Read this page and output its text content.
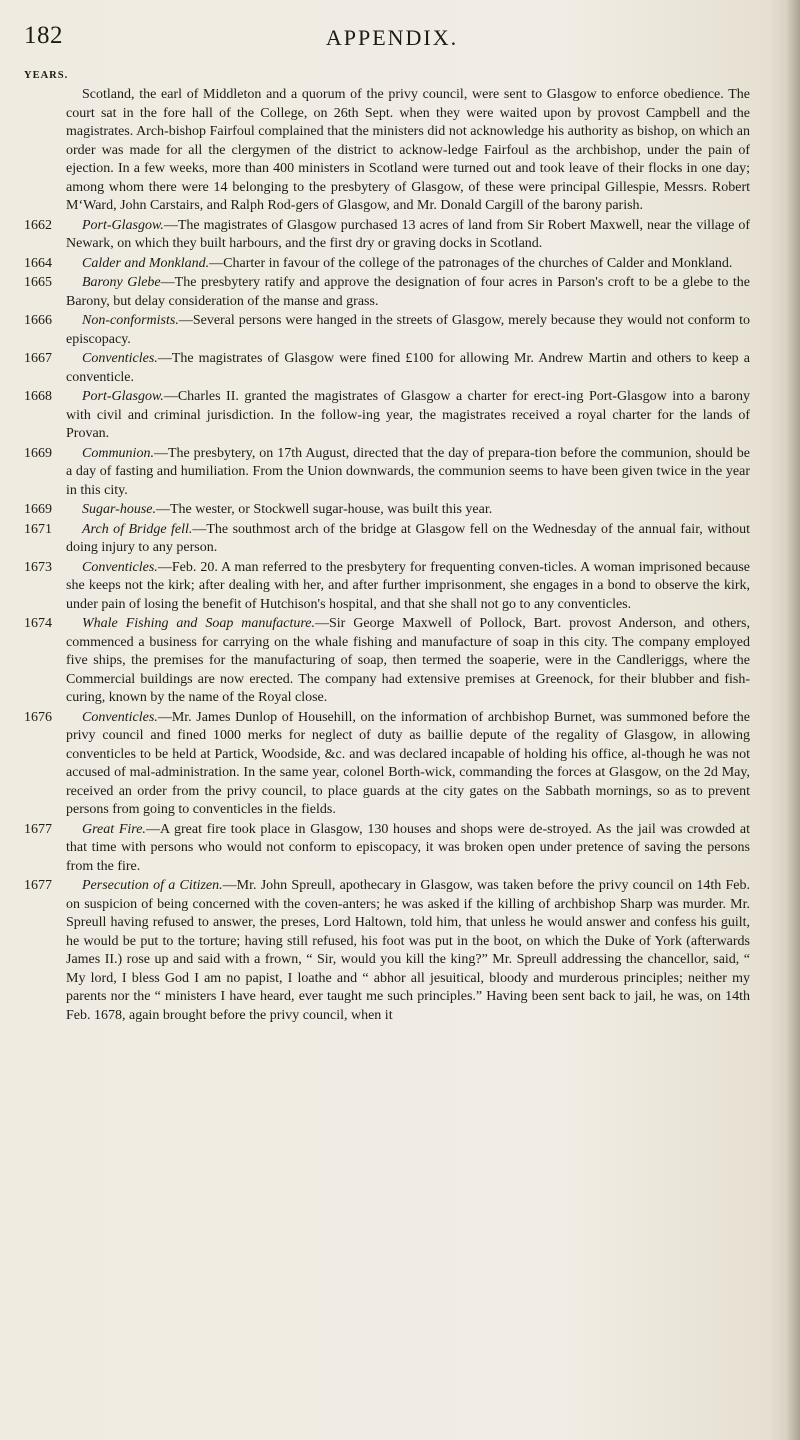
182	APPENDIX.
YEARS.

Scotland, the earl of Middleton and a quorum of the privy council, were sent to Glasgow to enforce obedience. The court sat in the fore hall of the College, on 26th Sept. when they were waited upon by provost Campbell and the magistrates. Arch-bishop Fairfoul complained that the ministers did not acknowledge his authority as bishop, on which an order was made for all the clergymen of the district to acknow-ledge Fairfoul as the archbishop, under the pain of ejection. In a few weeks, more than 400 ministers in Scotland were turned out and took leave of their flocks in one day; among whom there were 14 belonging to the presbytery of Glasgow, of these were principal Gillespie, Messrs. Robert M‘Ward, John Carstairs, and Ralph Rod-gers of Glasgow, and Mr. Donald Cargill of the barony parish.

1662	Port-Glasgow.—The magistrates of Glasgow purchased 13 acres of land from Sir Robert Maxwell, near the village of Newark, on which they built harbours, and the first dry or graving docks in Scotland.

1664	Calder and Monkland.—Charter in favour of the college of the patronages of the churches of Calder and Monkland.

1665	Barony Glebe—The presbytery ratify and approve the designation of four acres in Parson's croft to be a glebe to the Barony, but delay consideration of the manse and grass.

1666	Non-conformists.—Several persons were hanged in the streets of Glasgow, merely because they would not conform to episcopacy.

1667	Conventicles.—The magistrates of Glasgow were fined £100 for allowing Mr. Andrew Martin and others to keep a conventicle.

1668	Port-Glasgow.—Charles II. granted the magistrates of Glasgow a charter for erect-ing Port-Glasgow into a barony with civil and criminal jurisdiction. In the follow-ing year, the magistrates received a royal charter for the lands of Provan.

1669	Communion.—The presbytery, on 17th August, directed that the day of prepara-tion before the communion, should be a day of fasting and humiliation. From the Union downwards, the communion seems to have been given twice in the year in this city.

1669	Sugar-house.—The wester, or Stockwell sugar-house, was built this year.

1671	Arch of Bridge fell.—The southmost arch of the bridge at Glasgow fell on the Wednesday of the annual fair, without doing injury to any person.

1673	Conventicles.—Feb. 20. A man referred to the presbytery for frequenting conven-ticles. A woman imprisoned because she keeps not the kirk; after dealing with her, and after further imprisonment, she engages in a bond to observe the kirk, under pain of losing the benefit of Hutchison's hospital, and that she shall not go to any conventicles.

1674	Whale Fishing and Soap manufacture.—Sir George Maxwell of Pollock, Bart. provost Anderson, and others, commenced a business for carrying on the whale fishing and manufacture of soap in this city. The company employed five ships, the premises for the manufacturing of soap, then termed the soaperie, were in the Candleriggs, where the Commercial buildings are now erected. The company had extensive premises at Greenock, for their blubber and fish-curing, known by the name of the Royal close.

1676	Conventicles.—Mr. James Dunlop of Househill, on the information of archbishop Burnet, was summoned before the privy council and fined 1000 merks for neglect of duty as baillie depute of the regality of Glasgow, in allowing conventicles to be held at Partick, Woodside, &c. and was declared incapable of holding his office, al-though he was not accused of mal-administration. In the same year, colonel Borth-wick, commanding the forces at Glasgow, on the 2d May, received an order from the privy council, to place guards at the city gates on the Sabbath mornings, so as to prevent persons from going to conventicles in the fields.

1677	Great Fire.—A great fire took place in Glasgow, 130 houses and shops were de-stroyed. As the jail was crowded at that time with persons who would not conform to episcopacy, it was broken open under pretence of saving the persons from the fire.

1677	Persecution of a Citizen.—Mr. John Spreull, apothecary in Glasgow, was taken before the privy council on 14th Feb. on suspicion of being concerned with the coven-anters; he was asked if the killing of archbishop Sharp was murder. Mr. Spreull having refused to answer, the preses, Lord Haltown, told him, that unless he would answer and confess his guilt, he would be put to the torture; having still refused, his foot was put in the boot, on which the Duke of York (afterwards James II.) rose up and said with a frown, “ Sir, would you kill the king?” Mr. Spreull addressing the chancellor, said, “ My lord, I bless God I am no papist, I loathe and “ abhor all jesuitical, bloody and murderous principles; neither my parents nor the “ ministers I have heard, ever taught me such principles.” Having been sent back to jail, he was, on 14th Feb. 1678, again brought before the privy council, when it
